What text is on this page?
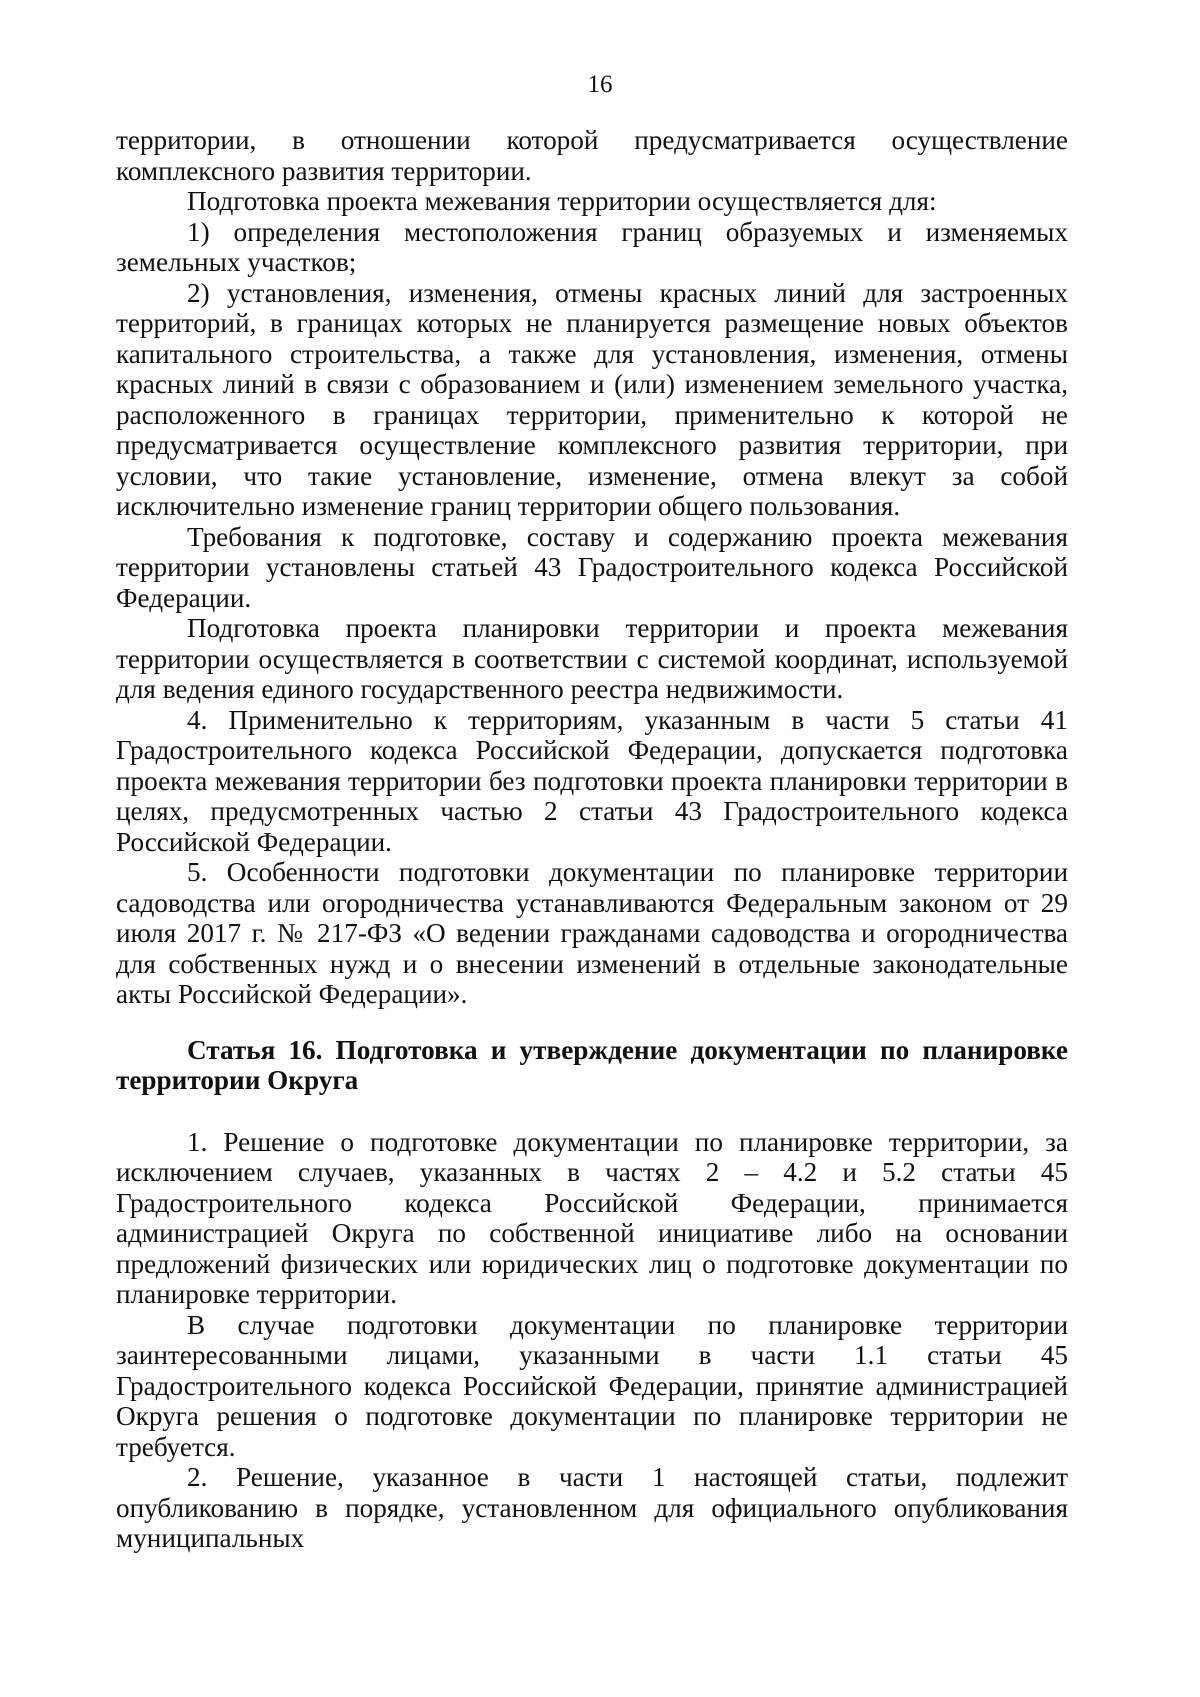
16

территории, в отношении которой предусматривается осуществление комплексного развития территории.

Подготовка проекта межевания территории осуществляется для:

1) определения местоположения границ образуемых и изменяемых земельных участков;

2) установления, изменения, отмены красных линий для застроенных территорий, в границах которых не планируется размещение новых объектов капитального строительства, а также для установления, изменения, отмены красных линий в связи с образованием и (или) изменением земельного участка, расположенного в границах территории, применительно к которой не предусматривается осуществление комплексного развития территории, при условии, что такие установление, изменение, отмена влекут за собой исключительно изменение границ территории общего пользования.

Требования к подготовке, составу и содержанию проекта межевания территории установлены статьей 43 Градостроительного кодекса Российской Федерации.

Подготовка проекта планировки территории и проекта межевания территории осуществляется в соответствии с системой координат, используемой для ведения единого государственного реестра недвижимости.

4. Применительно к территориям, указанным в части 5 статьи 41 Градостроительного кодекса Российской Федерации, допускается подготовка проекта межевания территории без подготовки проекта планировки территории в целях, предусмотренных частью 2 статьи 43 Градостроительного кодекса Российской Федерации.

5. Особенности подготовки документации по планировке территории садоводства или огородничества устанавливаются Федеральным законом от 29 июля 2017 г. № 217-ФЗ «О ведении гражданами садоводства и огородничества для собственных нужд и о внесении изменений в отдельные законодательные акты Российской Федерации».

Статья 16. Подготовка и утверждение документации по планировке территории Округа

1. Решение о подготовке документации по планировке территории, за исключением случаев, указанных в частях 2 – 4.2 и 5.2 статьи 45 Градостроительного кодекса Российской Федерации, принимается администрацией Округа по собственной инициативе либо на основании предложений физических или юридических лиц о подготовке документации по планировке территории.

В случае подготовки документации по планировке территории заинтересованными лицами, указанными в части 1.1 статьи 45 Градостроительного кодекса Российской Федерации, принятие администрацией Округа решения о подготовке документации по планировке территории не требуется.

2. Решение, указанное в части 1 настоящей статьи, подлежит опубликованию в порядке, установленном для официального опубликования муниципальных
